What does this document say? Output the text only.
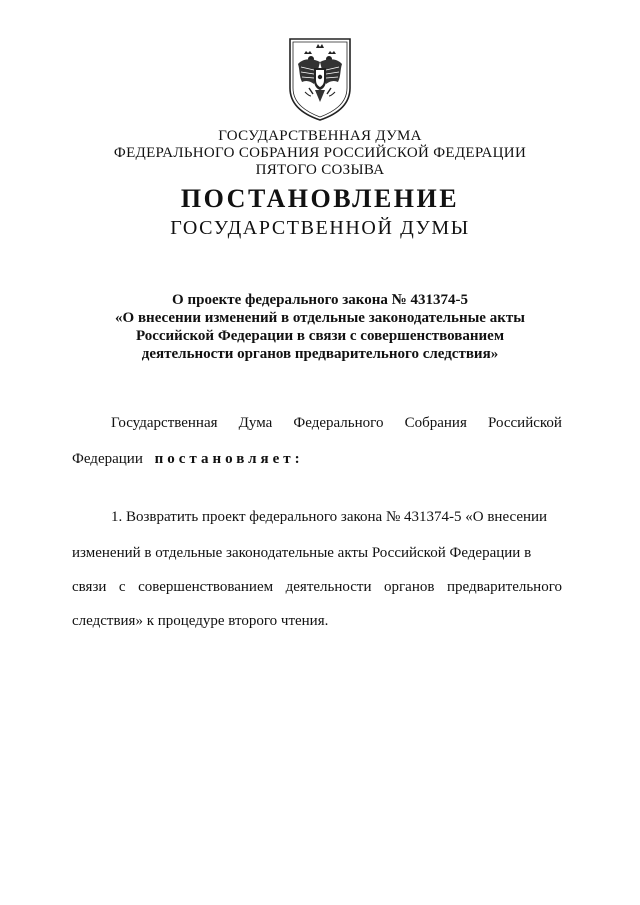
ГОСУДАРСТВЕННАЯ ДУМА
ФЕДЕРАЛЬНОГО СОБРАНИЯ РОССИЙСКОЙ ФЕДЕРАЦИИ
ПЯТОГО СОЗЫВА
ПОСТАНОВЛЕНИЕ
ГОСУДАРСТВЕННОЙ ДУМЫ
О проекте федерального закона № 431374-5
«О внесении изменений в отдельные законодательные акты
Российской Федерации в связи с совершенствованием
деятельности органов предварительного следствия»
Государственная Дума Федерального Собрания Российской
Федерации постановляет:
1. Возвратить проект федерального закона № 431374-5 «О внесении
изменений в отдельные законодательные акты Российской Федерации в
связи с совершенствованием деятельности органов предварительного
следствия» к процедуре второго чтения.
